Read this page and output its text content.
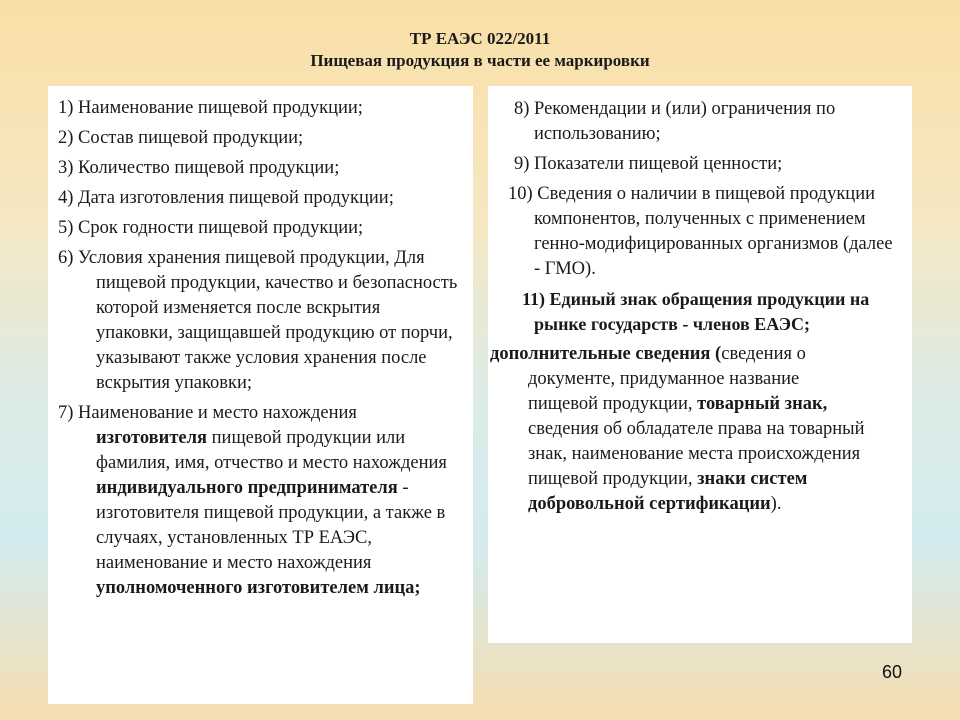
ТР ЕАЭС 022/2011
Пищевая продукция в части ее маркировки
1) Наименование пищевой продукции;
2) Состав пищевой продукции;
3) Количество пищевой продукции;
4) Дата изготовления пищевой продукции;
5) Срок годности пищевой продукции;
6) Условия хранения пищевой продукции, Для пищевой продукции, качество и безопасность которой изменяется после вскрытия упаковки, защищавшей продукцию от порчи, указывают также условия хранения после вскрытия упаковки;
7) Наименование и место нахождения изготовителя пищевой продукции или фамилия, имя, отчество и место нахождения индивидуального предпринимателя - изготовителя пищевой продукции, а также в случаях, установленных ТР ЕАЭС, наименование и место нахождения уполномоченного изготовителем лица;
8) Рекомендации и (или) ограничения по использованию;
9) Показатели пищевой ценности;
10) Сведения о наличии в пищевой продукции компонентов, полученных с применением генно-модифицированных организмов (далее - ГМО).
11) Единый знак обращения продукции на рынке государств - членов ЕАЭС;
дополнительные сведения (сведения о документе, придуманное название пищевой продукции, товарный знак, сведения об обладателе права на товарный знак, наименование места происхождения пищевой продукции, знаки систем добровольной сертификации).
60
